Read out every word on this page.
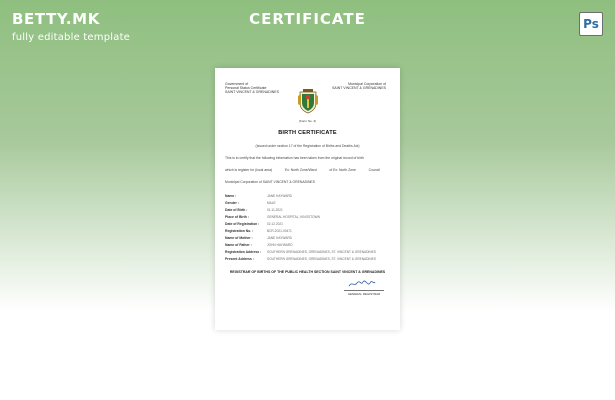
BETTY.MK
fully editable template
CERTIFICATE	Ps
Government of
Personal Status Certificate
SAINT VINCENT & GRENADINES
Municipal Corporation of
SAINT VINCENT & GRENADINES
(Form No. 4)
BIRTH CERTIFICATE
(Issued under section 17 of the Registration of Births and Deaths Act)
This is to certify that the following information has been taken from the original record of birth
which is register for (local area)	Ex: North Zone/Ward	of Ex: North Zone	Council
Municipal Corporation of SAINT VINCENT & GRENADINES
Name :	JANE HAYWARD
Gender :	MALE
Date of Birth :	01.11.2021
Place of Birth :	GENERAL HOSPITAL, KINGSTOWN
Date of Registration :	02.12.2021
Registration No. :	BCR-2021-00471
Name of Mother :	JANE HAYWARD
Name of Father :	JOHN HAYWARD
Registration Address :	SOUTHERN GRENADINES, GRENADINES, ST. VINCENT & GRENADINES
Present Address :	SOUTHERN GRENADINES, GRENADINES, ST. VINCENT & GRENADINES
REGISTRAR OF BIRTHS OF THE PUBLIC HEALTH SECTION SAINT VINCENT & GRENADINES
GENERAL REGISTRAR
